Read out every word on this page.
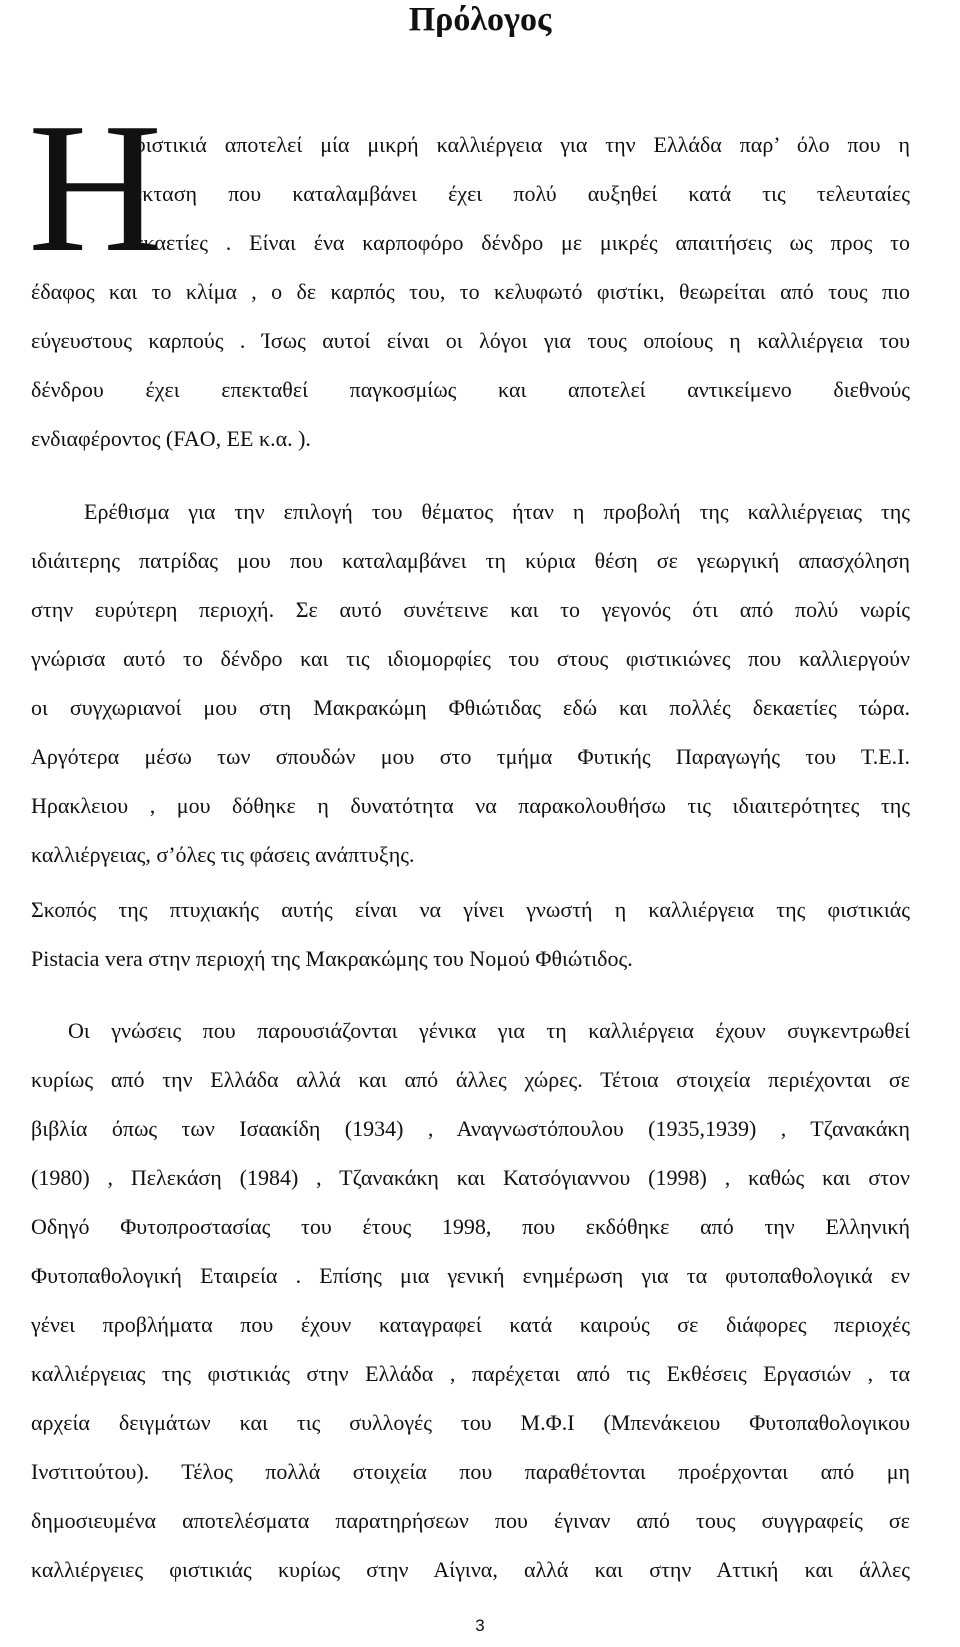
Πρόλογος
Η
φιστικιά αποτελεί μία μικρή καλλιέργεια για την Ελλάδα παρ’ όλο που η
έκταση που καταλαμβάνει έχει πολύ αυξηθεί κατά τις τελευταίες
δεκαετίες . Είναι ένα καρποφόρο δένδρο με μικρές απαιτήσεις ως προς το
έδαφος και το κλίμα , ο δε καρπός του, το κελυφωτό φιστίκι, θεωρείται από τους πιο
εύγευστους καρπούς . Ίσως αυτοί είναι οι λόγοι για τους οποίους η καλλιέργεια του
δένδρου έχει επεκταθεί παγκοσμίως και αποτελεί αντικείμενο διεθνούς
ενδιαφέροντος (FAO, ΕΕ κ.α. ).
Ερέθισμα για την επιλογή του θέματος ήταν η προβολή της καλλιέργειας της
ιδιάιτερης πατρίδας μου που καταλαμβάνει τη κύρια θέση σε γεωργική απασχόληση
στην ευρύτερη περιοχή. Σε αυτό συνέτεινε και το γεγονός ότι από πολύ νωρίς
γνώρισα αυτό το δένδρο και τις ιδιομορφίες του στους φιστικιώνες που καλλιεργούν
οι συγχωριανοί μου στη Μακρακώμη Φθιώτιδας εδώ και πολλές δεκαετίες τώρα.
Αργότερα μέσω των σπουδών μου στο τμήμα Φυτικής Παραγωγής του Τ.Ε.Ι.
Ηρακλειου , μου δόθηκε η δυνατότητα να παρακολουθήσω τις ιδιαιτερότητες της
καλλιέργειας, σ’όλες τις φάσεις ανάπτυξης.
Σκοπός της πτυχιακής αυτής είναι να γίνει γνωστή η καλλιέργεια της φιστικιάς
Pistacia vera στην περιοχή της Μακρακώμης του Νομού Φθιώτιδος.
Οι γνώσεις που παρουσιάζονται γένικα για τη καλλιέργεια έχουν συγκεντρωθεί
κυρίως από την Ελλάδα αλλά και από άλλες χώρες. Τέτοια στοιχεία περιέχονται σε
βιβλία όπως των Ισαακίδη (1934) , Αναγνωστόπουλου (1935,1939) , Τζανακάκη
(1980) , Πελεκάση (1984) , Τζανακάκη και Κατσόγιαννου (1998) , καθώς και στον
Οδηγό Φυτοπροστασίας του έτους 1998, που εκδόθηκε από την Ελληνική
Φυτοπαθολογική Εταιρεία . Επίσης μια γενική ενημέρωση για τα φυτοπαθολογικά εν
γένει προβλήματα που έχουν καταγραφεί κατά καιρούς σε διάφορες περιοχές
καλλιέργειας της φιστικιάς στην Ελλάδα , παρέχεται από τις Εκθέσεις Εργασιών , τα
αρχεία δειγμάτων και τις συλλογές του Μ.Φ.Ι (Μπενάκειου Φυτοπαθολογικου
Ινστιτούτου). Τέλος πολλά στοιχεία που παραθέτονται προέρχονται από μη
δημοσιευμένα αποτελέσματα παρατηρήσεων που έγιναν από τους συγγραφείς σε
καλλιέργειες φιστικιάς κυρίως στην Αίγινα, αλλά και στην Αττική και άλλες
3
